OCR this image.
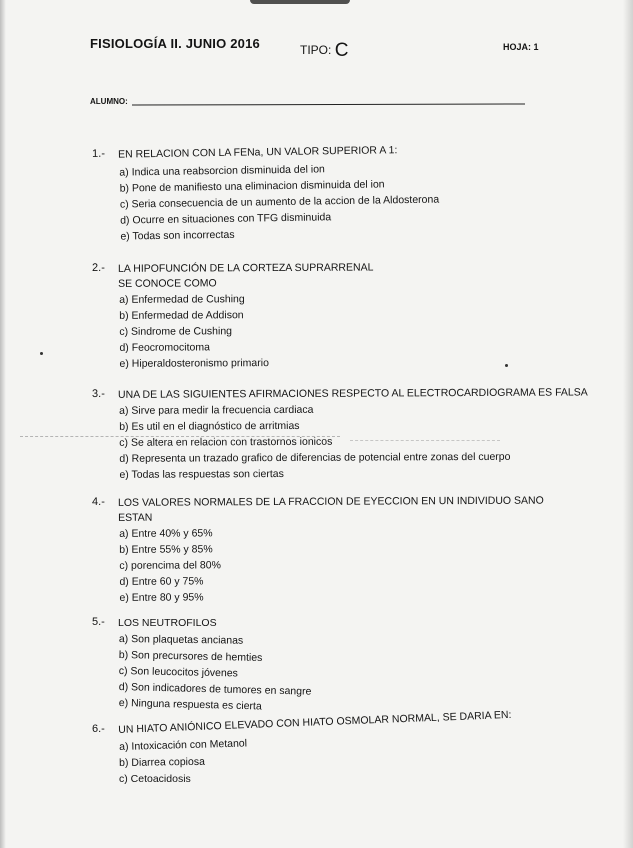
FISIOLOGÍA II. JUNIO 2016	TIPO: C	HOJA: 1
ALUMNO:
1.- EN RELACION CON LA FENa, UN VALOR SUPERIOR A 1:
a) Indica una reabsorcion disminuida del ion
b) Pone de manifiesto una eliminacion disminuida del ion
c) Seria consecuencia de un aumento de la accion de la Aldosterona
d) Ocurre en situaciones con TFG disminuida
e) Todas son incorrectas
2.- LA HIPOFUNCIÓN DE LA CORTEZA SUPRARRENAL
SE CONOCE COMO
a) Enfermedad de Cushing
b) Enfermedad de Addison
c) Sindrome de Cushing
d) Feocromocitoma
e) Hiperaldosteronismo primario
3.- UNA DE LAS SIGUIENTES AFIRMACIONES RESPECTO AL ELECTROCARDIOGRAMA ES FALSA
a) Sirve para medir la frecuencia cardiaca
b) Es util en el diagnóstico de arritmias
c) Se altera en relacion con trastornos ionicos
d) Representa un trazado grafico de diferencias de potencial entre zonas del cuerpo
e) Todas las respuestas son ciertas
4.- LOS VALORES NORMALES DE LA FRACCION DE EYECCION EN UN INDIVIDUO SANO
ESTAN
a) Entre 40% y 65%
b) Entre 55% y 85%
c) porencima del 80%
d) Entre 60 y 75%
e) Entre 80 y 95%
5.- LOS NEUTROFILOS
a) Son plaquetas ancianas
b) Son precursores de hemties
c) Son leucocitos jóvenes
d) Son indicadores de tumores en sangre
e) Ninguna respuesta es cierta
6.- UN HIATO ANIÓNICO ELEVADO CON HIATO OSMOLAR NORMAL, SE DARIA EN:
a) Intoxicación con Metanol
b) Diarrea copiosa
c) Cetoacidosis
